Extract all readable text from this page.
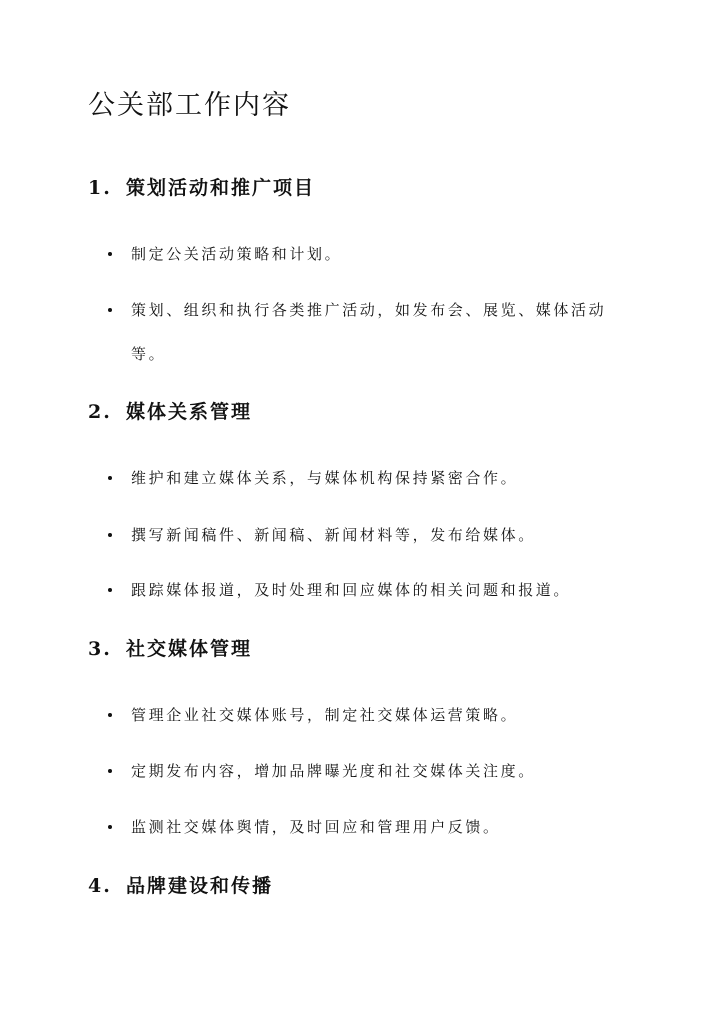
公关部工作内容
1. 策划活动和推广项目
制定公关活动策略和计划。
策划、组织和执行各类推广活动，如发布会、展览、媒体活动等。
2. 媒体关系管理
维护和建立媒体关系，与媒体机构保持紧密合作。
撰写新闻稿件、新闻稿、新闻材料等，发布给媒体。
跟踪媒体报道，及时处理和回应媒体的相关问题和报道。
3. 社交媒体管理
管理企业社交媒体账号，制定社交媒体运营策略。
定期发布内容，增加品牌曝光度和社交媒体关注度。
监测社交媒体舆情，及时回应和管理用户反馈。
4. 品牌建设和传播
